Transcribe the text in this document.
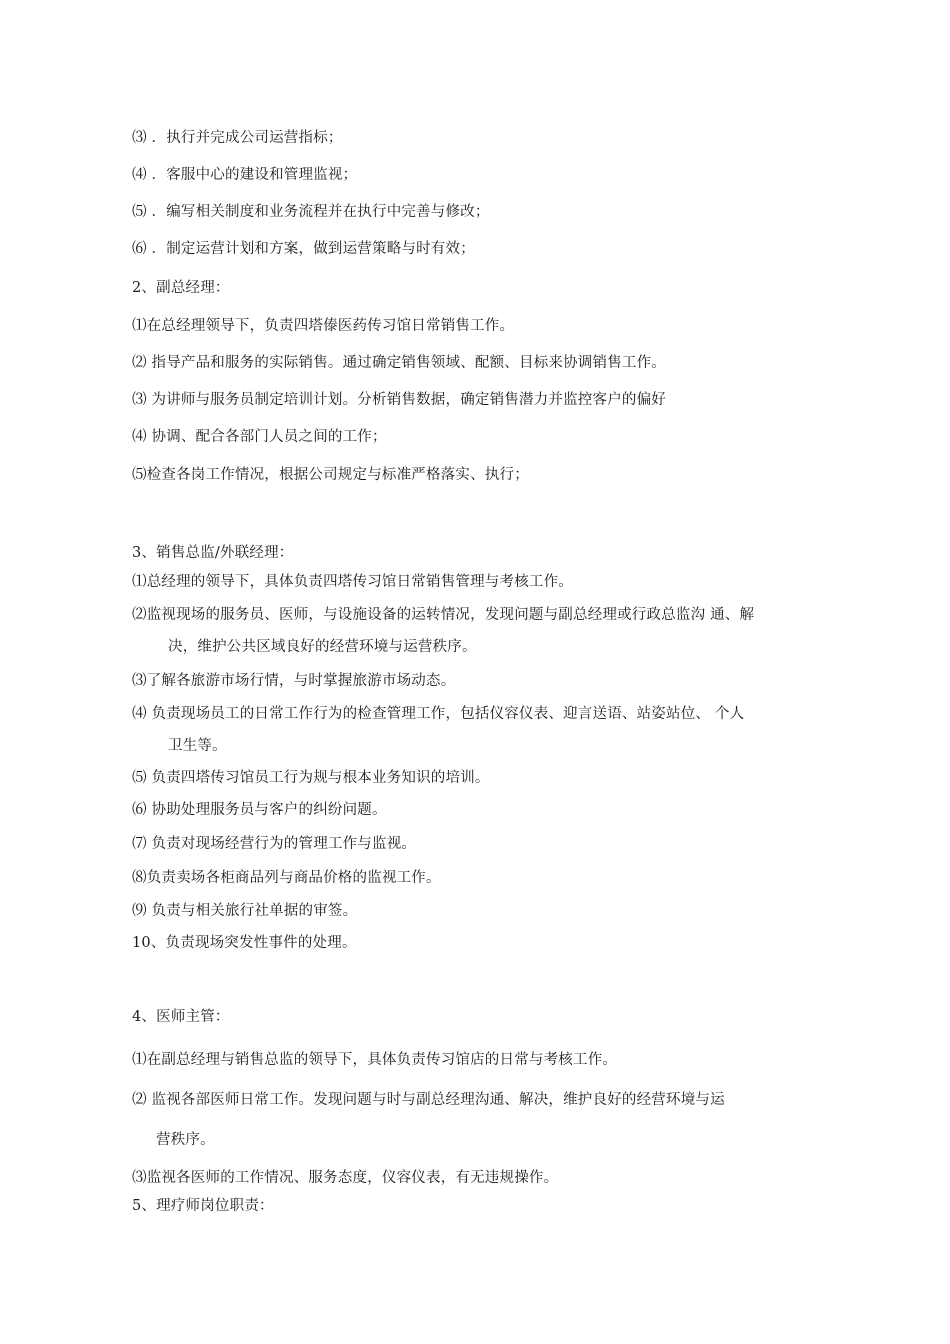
⑶ ．执行并完成公司运营指标；
⑷ ．客服中心的建设和管理监视；
⑸ ．编写相关制度和业务流程并在执行中完善与修改；
⑹ ．制定运营计划和方案，做到运营策略与时有效；
2、副总经理：
⑴在总经理领导下，负责四塔傣医药传习馆日常销售工作。
⑵ 指导产品和服务的实际销售。通过确定销售领域、配额、目标来协调销售工作。
⑶ 为讲师与服务员制定培训计划。分析销售数据，确定销售潜力并监控客户的偏好
⑷ 协调、配合各部门人员之间的工作；
⑸检查各岗工作情况，根据公司规定与标准严格落实、执行；
3、销售总监/外联经理：
⑴总经理的领导下，具体负责四塔传习馆日常销售管理与考核工作。
⑵监视现场的服务员、医师，与设施设备的运转情况，发现问题与副总经理或行政总监沟 通、解
决，维护公共区域良好的经营环境与运营秩序。
⑶了解各旅游市场行情，与时掌握旅游市场动态。
⑷ 负责现场员工的日常工作行为的检查管理工作，包括仪容仪表、迎言送语、站姿站位、 个人
卫生等。
⑸ 负责四塔传习馆员工行为规与根本业务知识的培训。
⑹ 协助处理服务员与客户的纠纷问题。
⑺ 负责对现场经营行为的管理工作与监视。
⑻负责卖场各柜商品列与商品价格的监视工作。
⑼ 负责与相关旅行社单据的审签。
10、负责现场突发性事件的处理。
4、医师主管：
⑴在副总经理与销售总监的领导下，具体负责传习馆店的日常与考核工作。
⑵ 监视各部医师日常工作。发现问题与时与副总经理沟通、解决，维护良好的经营环境与运
营秩序。
⑶监视各医师的工作情况、服务态度，仪容仪表，有无违规操作。
5、理疗师岗位职责：
